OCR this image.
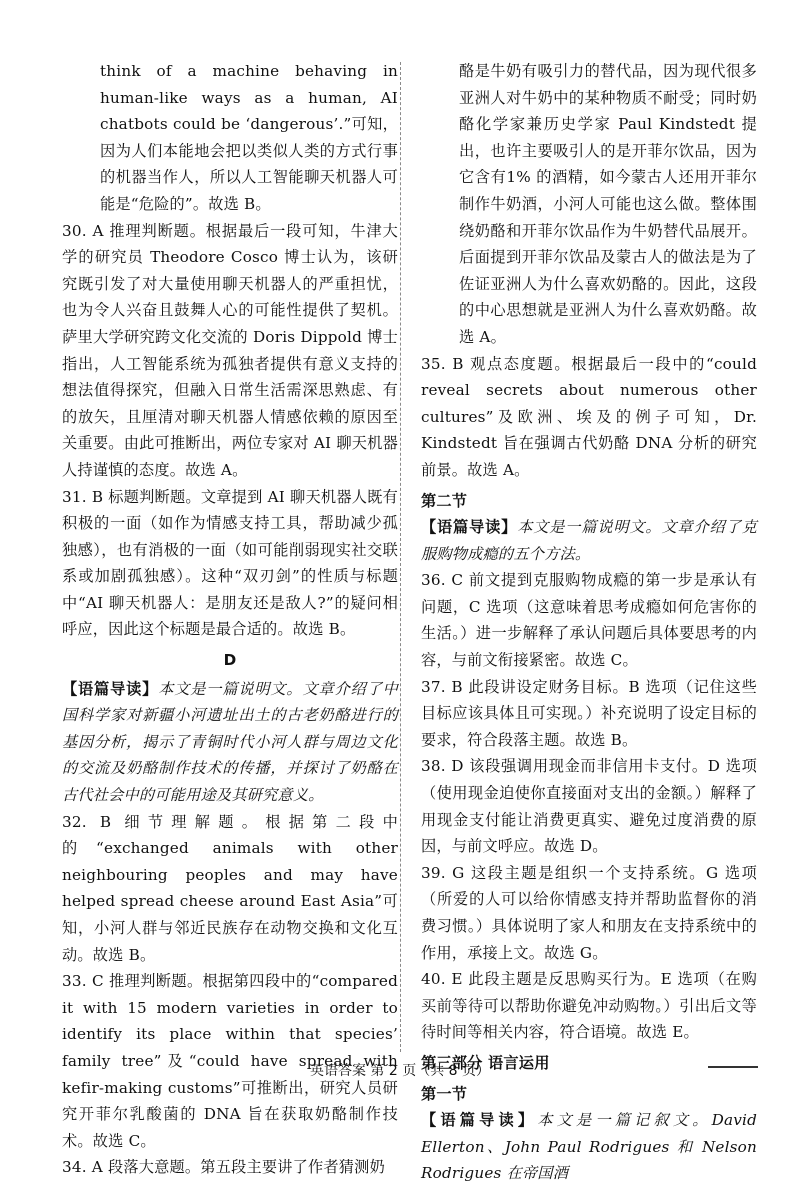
think of a machine behaving in human-like ways as a human, AI chatbots could be ‘dangerous’.”可知，因为人们本能地会把以类似人类的方式行事的机器当作人，所以人工智能聊天机器人可能是“危险的”。故选 B。

30. A 推理判断题。根据最后一段可知，牛津大学的研究员 Theodore Cosco 博士认为，该研究既引发了对大量使用聊天机器人的严重担忧，也为令人兴奋且鼓舞人心的可能性提供了契机。萨里大学研究跨文化交流的 Doris Dippold 博士指出，人工智能系统为孤独者提供有意义支持的想法值得探究，但融入日常生活需深思熟虑、有的放矢，且厘清对聊天机器人情感依赖的原因至关重要。由此可推断出，两位专家对 AI 聊天机器人持谨慎的态度。故选 A。

31. B 标题判断题。文章提到 AI 聊天机器人既有积极的一面（如作为情感支持工具，帮助减少孤独感），也有消极的一面（如可能削弱现实社交联系或加剧孤独感）。这种“双刃剑”的性质与标题中“AI 聊天机器人：是朋友还是敌人?”的疑问相呼应，因此这个标题是最合适的。故选 B。

D

【语篇导读】本文是一篇说明文。文章介绍了中国科学家对新疆小河遗址出土的古老奶酪进行的基因分析，揭示了青铜时代小河人群与周边文化的交流及奶酪制作技术的传播，并探讨了奶酪在古代社会中的可能用途及其研究意义。

32. B 细节理解题。根据第二段中的“exchanged animals with other neighbouring peoples and may have helped spread cheese around East Asia”可知，小河人群与邻近民族存在动物交换和文化互动。故选 B。

33. C 推理判断题。根据第四段中的“compared it with 15 modern varieties in order to identify its place within that species’ family tree”及“could have spread with kefir-making customs”可推断出，研究人员研究开菲尔乳酸菌的 DNA 旨在获取奶酪制作技术。故选 C。

34. A 段落大意题。第五段主要讲了作者猜测奶

酪是牛奶有吸引力的替代品，因为现代很多亚洲人对牛奶中的某种物质不耐受；同时奶酪化学家兼历史学家 Paul Kindstedt 提出，也许主要吸引人的是开菲尔饮品，因为它含有1% 的酒精，如今蒙古人还用开菲尔制作牛奶酒，小河人可能也这么做。整体围绕奶酪和开菲尔饮品作为牛奶替代品展开。后面提到开菲尔饮品及蒙古人的做法是为了佐证亚洲人为什么喜欢奶酪的。因此，这段的中心思想就是亚洲人为什么喜欢奶酪。故选 A。

35. B 观点态度题。根据最后一段中的“could reveal secrets about numerous other cultures”及欧洲、埃及的例子可知，Dr. Kindstedt 旨在强调古代奶酪 DNA 分析的研究前景。故选 A。

第二节

【语篇导读】本文是一篇说明文。文章介绍了克服购物成瘾的五个方法。

36. C 前文提到克服购物成瘾的第一步是承认有问题，C 选项（这意味着思考成瘾如何危害你的生活。）进一步解释了承认问题后具体要思考的内容，与前文衔接紧密。故选 C。

37. B 此段讲设定财务目标。B 选项（记住这些目标应该具体且可实现。）补充说明了设定目标的要求，符合段落主题。故选 B。

38. D 该段强调用现金而非信用卡支付。D 选项（使用现金迫使你直接面对支出的金额。）解释了用现金支付能让消费更真实、避免过度消费的原因，与前文呼应。故选 D。

39. G 这段主题是组织一个支持系统。G 选项（所爱的人可以给你情感支持并帮助监督你的消费习惯。）具体说明了家人和朋友在支持系统中的作用，承接上文。故选 G。

40. E 此段主题是反思购买行为。E 选项（在购买前等待可以帮助你避免冲动购物。）引出后文等待时间等相关内容，符合语境。故选 E。

第三部分 语言运用
第一节

【语篇导读】本文是一篇记叙文。David Ellerton、John Paul Rodrigues 和 Nelson Rodrigues 在帝国酒

英语答案 第 2 页（共 8 页）
